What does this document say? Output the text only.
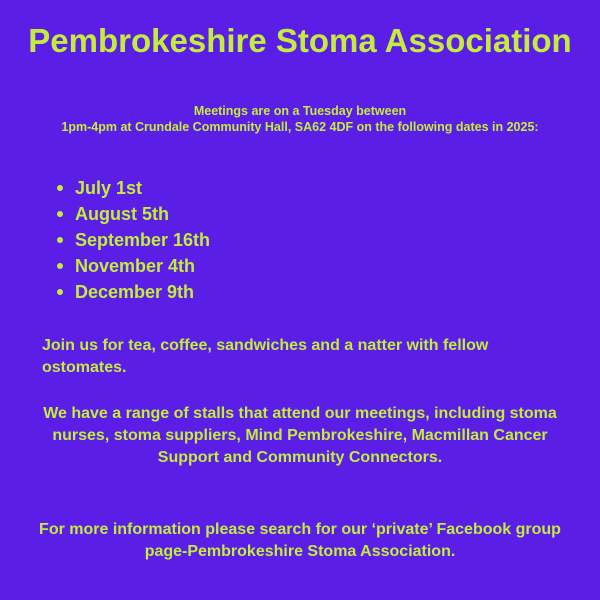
Pembrokeshire Stoma Association
Meetings are on a Tuesday between
1pm-4pm at Crundale Community Hall, SA62 4DF on the following dates in 2025:
July 1st
August 5th
September 16th
November 4th
December 9th

Join us for tea, coffee, sandwiches and a natter with fellow ostomates.

We have a range of stalls that attend our meetings, including stoma nurses, stoma suppliers, Mind Pembrokeshire, Macmillan Cancer Support and Community Connectors.

For more information please search for our ‘private’ Facebook group page-Pembrokeshire Stoma Association.
